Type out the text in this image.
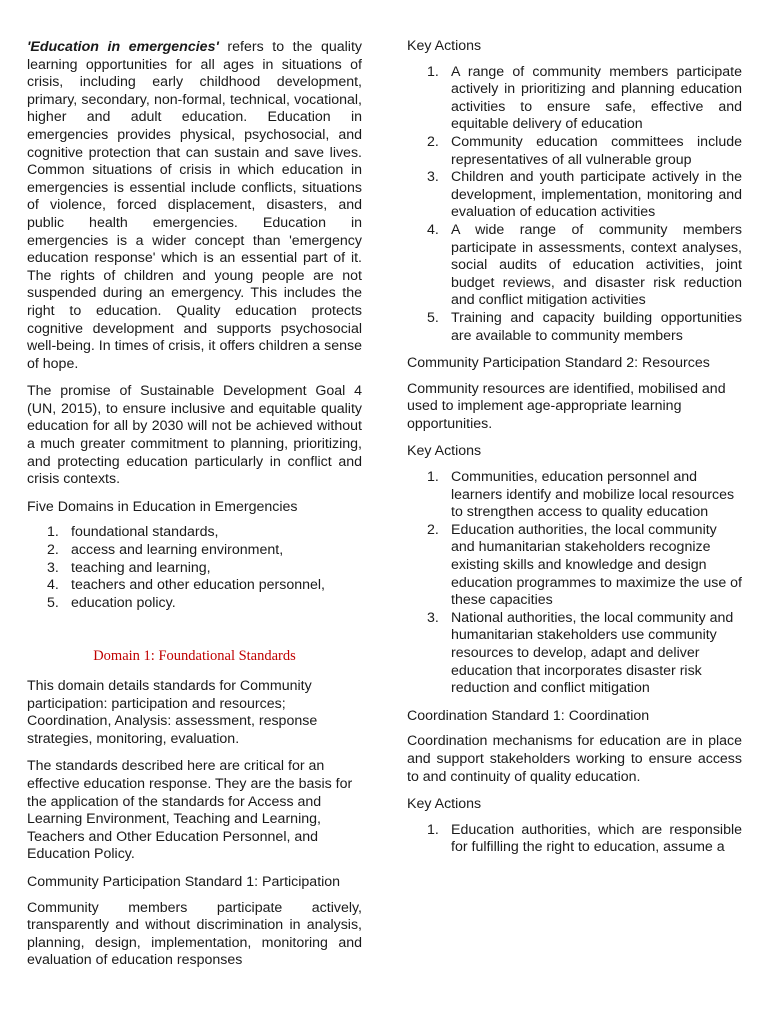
'Education in emergencies' refers to the quality learning opportunities for all ages in situations of crisis, including early childhood development, primary, secondary, non-formal, technical, vocational, higher and adult education. Education in emergencies provides physical, psychosocial, and cognitive protection that can sustain and save lives. Common situations of crisis in which education in emergencies is essential include conflicts, situations of violence, forced displacement, disasters, and public health emergencies. Education in emergencies is a wider concept than 'emergency education response' which is an essential part of it. The rights of children and young people are not suspended during an emergency. This includes the right to education. Quality education protects cognitive development and supports psychosocial well-being. In times of crisis, it offers children a sense of hope.

The promise of Sustainable Development Goal 4 (UN, 2015), to ensure inclusive and equitable quality education for all by 2030 will not be achieved without a much greater commitment to planning, prioritizing, and protecting education particularly in conflict and crisis contexts.

Five Domains in Education in Emergencies

1. foundational standards,
2. access and learning environment,
3. teaching and learning,
4. teachers and other education personnel,
5. education policy.
Domain 1: Foundational Standards

This domain details standards for Community participation: participation and resources; Coordination, Analysis: assessment, response strategies, monitoring, evaluation.

The standards described here are critical for an effective education response. They are the basis for the application of the standards for Access and Learning Environment, Teaching and Learning, Teachers and Other Education Personnel, and Education Policy.

Community Participation Standard 1: Participation

Community members participate actively, transparently and without discrimination in analysis, planning, design, implementation, monitoring and evaluation of education responses

Key Actions

1. A range of community members participate actively in prioritizing and planning education activities to ensure safe, effective and equitable delivery of education
2. Community education committees include representatives of all vulnerable group
3. Children and youth participate actively in the development, implementation, monitoring and evaluation of education activities
4. A wide range of community members participate in assessments, context analyses, social audits of education activities, joint budget reviews, and disaster risk reduction and conflict mitigation activities
5. Training and capacity building opportunities are available to community members

Community Participation Standard 2: Resources

Community resources are identified, mobilised and used to implement age-appropriate learning opportunities.

Key Actions

1. Communities, education personnel and learners identify and mobilize local resources to strengthen access to quality education
2. Education authorities, the local community and humanitarian stakeholders recognize existing skills and knowledge and design education programmes to maximize the use of these capacities
3. National authorities, the local community and humanitarian stakeholders use community resources to develop, adapt and deliver education that incorporates disaster risk reduction and conflict mitigation

Coordination Standard 1: Coordination

Coordination mechanisms for education are in place and support stakeholders working to ensure access to and continuity of quality education.

Key Actions

1. Education authorities, which are responsible for fulfilling the right to education, assume a
